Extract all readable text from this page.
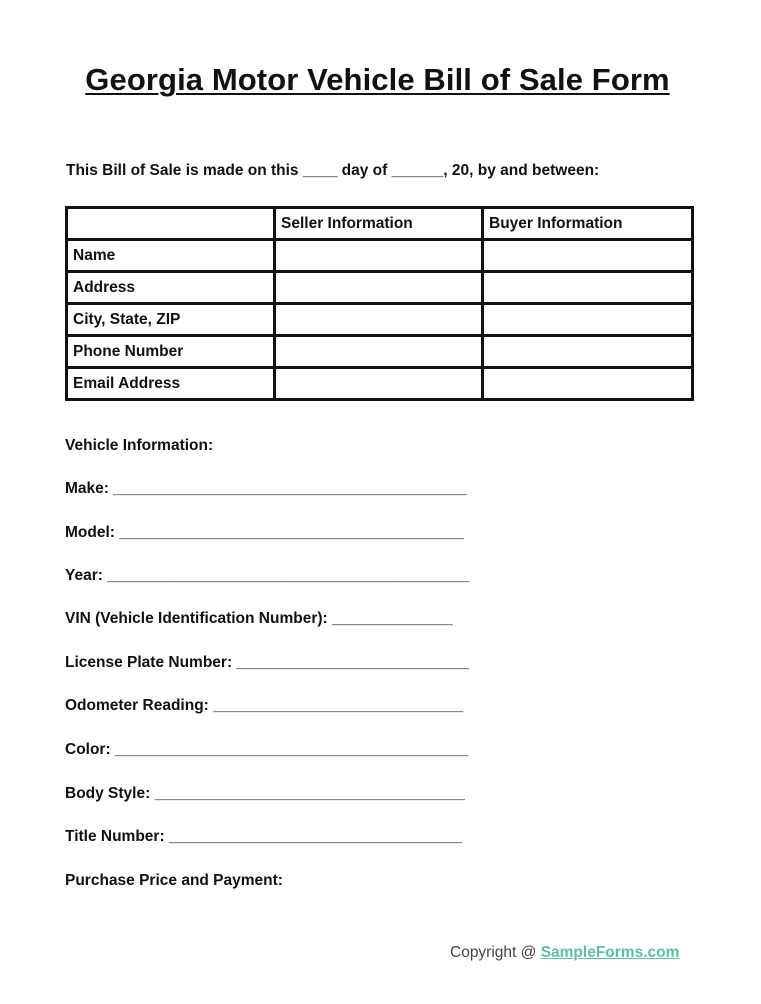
Georgia Motor Vehicle Bill of Sale Form
This Bill of Sale is made on this ____ day of ______, 20, by and between:
	Seller Information	Buyer Information
Name		
Address		
City, State, ZIP		
Phone Number		
Email Address		
Vehicle Information:
Make: _________________________________________
Model: ________________________________________
Year: __________________________________________
VIN (Vehicle Identification Number): ______________
License Plate Number: ___________________________
Odometer Reading: _____________________________
Color: _________________________________________
Body Style: ____________________________________
Title Number: __________________________________
Purchase Price and Payment:
Copyright @ SampleForms.com
